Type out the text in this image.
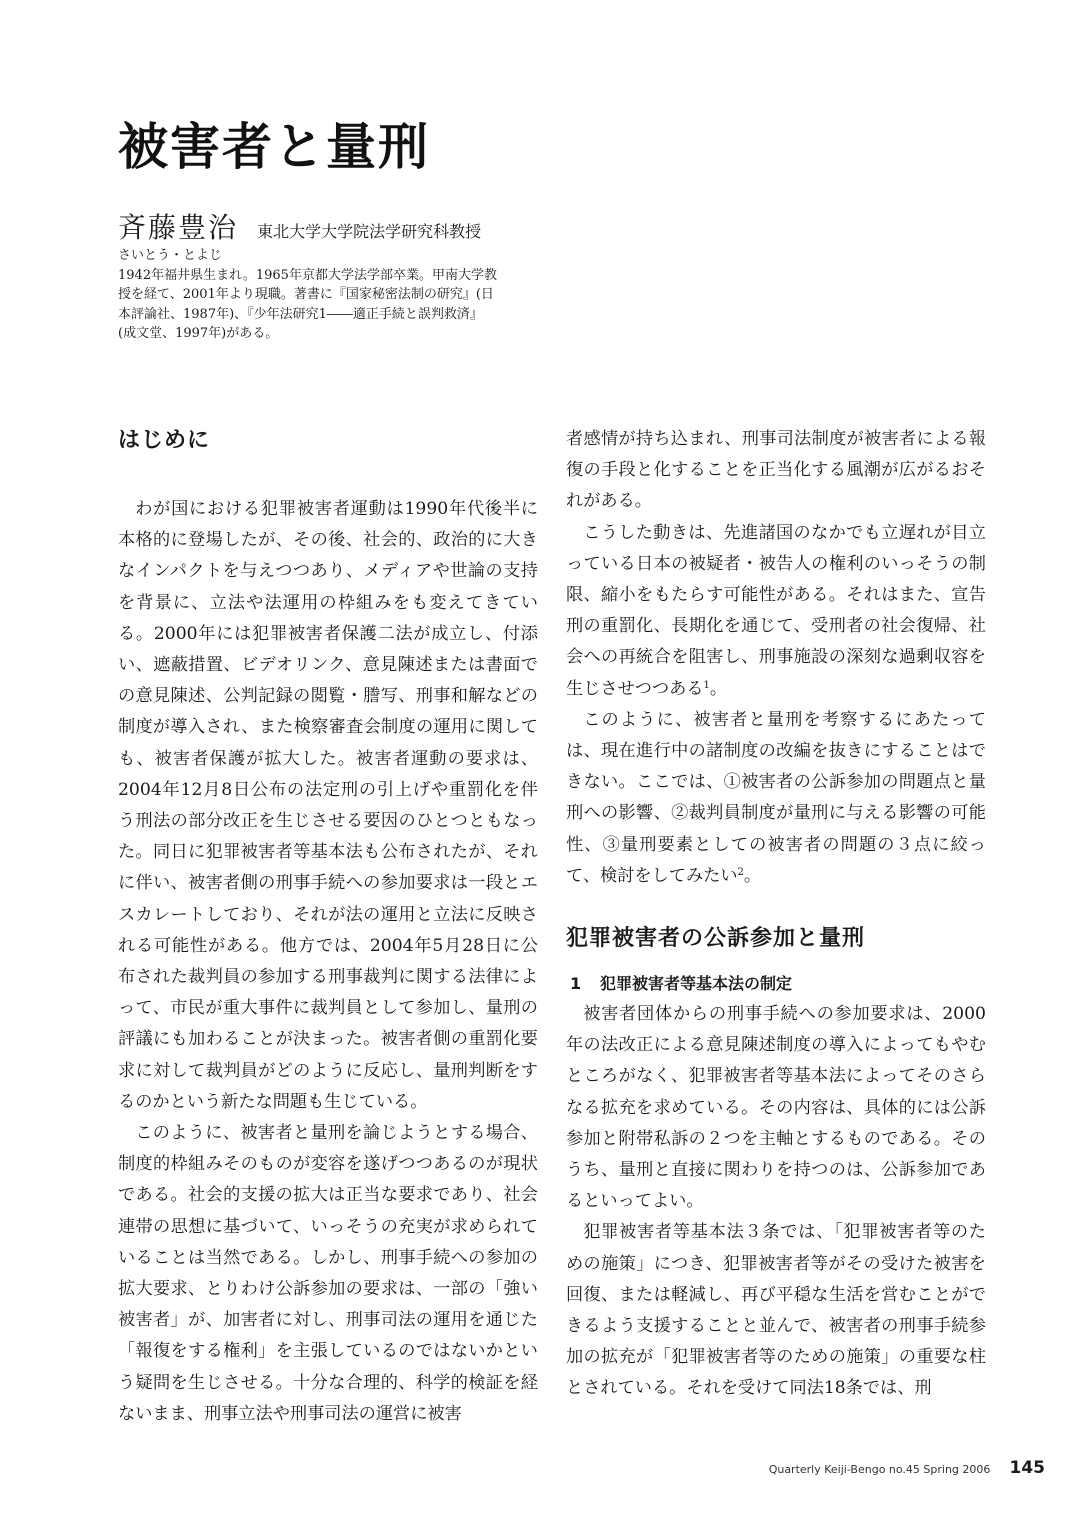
被害者と量刑
斉藤豊治 東北大学大学院法学研究科教授

さいとう・とよじ

1942年福井県生まれ。1965年京都大学法学部卒業。甲南大学教授を経て、2001年より現職。著書に『国家秘密法制の研究』(日本評論社、1987年)、『少年法研究1――適正手続と誤判救済』(成文堂、1997年)がある。

はじめに

わが国における犯罪被害者運動は1990年代後半に本格的に登場したが、その後、社会的、政治的に大きなインパクトを与えつつあり、メディアや世論の支持を背景に、立法や法運用の枠組みをも変えてきている。2000年には犯罪被害者保護二法が成立し、付添い、遮蔽措置、ビデオリンク、意見陳述または書面での意見陳述、公判記録の閲覧・謄写、刑事和解などの制度が導入され、また検察審査会制度の運用に関しても、被害者保護が拡大した。被害者運動の要求は、2004年12月8日公布の法定刑の引上げや重罰化を伴う刑法の部分改正を生じさせる要因のひとつともなった。同日に犯罪被害者等基本法も公布されたが、それに伴い、被害者側の刑事手続への参加要求は一段とエスカレートしており、それが法の運用と立法に反映される可能性がある。他方では、2004年5月28日に公布された裁判員の参加する刑事裁判に関する法律によって、市民が重大事件に裁判員として参加し、量刑の評議にも加わることが決まった。被害者側の重罰化要求に対して裁判員がどのように反応し、量刑判断をするのかという新たな問題も生じている。

このように、被害者と量刑を論じようとする場合、制度的枠組みそのものが変容を遂げつつあるのが現状である。社会的支援の拡大は正当な要求であり、社会連帯の思想に基づいて、いっそうの充実が求められていることは当然である。しかし、刑事手続への参加の拡大要求、とりわけ公訴参加の要求は、一部の「強い被害者」が、加害者に対し、刑事司法の運用を通じた「報復をする権利」を主張しているのではないかという疑問を生じさせる。十分な合理的、科学的検証を経ないまま、刑事立法や刑事司法の運営に被害

者感情が持ち込まれ、刑事司法制度が被害者による報復の手段と化することを正当化する風潮が広がるおそれがある。

こうした動きは、先進諸国のなかでも立遅れが目立っている日本の被疑者・被告人の権利のいっそうの制限、縮小をもたらす可能性がある。それはまた、宣告刑の重罰化、長期化を通じて、受刑者の社会復帰、社会への再統合を阻害し、刑事施設の深刻な過剰収容を生じさせつつある$^1$。

このように、被害者と量刑を考察するにあたっては、現在進行中の諸制度の改編を抜きにすることはできない。ここでは、①被害者の公訴参加の問題点と量刑への影響、②裁判員制度が量刑に与える影響の可能性、③量刑要素としての被害者の問題の３点に絞って、検討をしてみたい$^2$。

犯罪被害者の公訴参加と量刑
1 犯罪被害者等基本法の制定

被害者団体からの刑事手続への参加要求は、2000年の法改正による意見陳述制度の導入によってもやむところがなく、犯罪被害者等基本法によってそのさらなる拡充を求めている。その内容は、具体的には公訴参加と附帯私訴の２つを主軸とするものである。そのうち、量刑と直接に関わりを持つのは、公訴参加であるといってよい。

犯罪被害者等基本法３条では、「犯罪被害者等のための施策」につき、犯罪被害者等がその受けた被害を回復、または軽減し、再び平穏な生活を営むことができるよう支援することと並んで、被害者の刑事手続参加の拡充が「犯罪被害者等のための施策」の重要な柱とされている。それを受けて同法18条では、刑

Quarterly Keiji-Bengo no.45 Spring 2006 145
